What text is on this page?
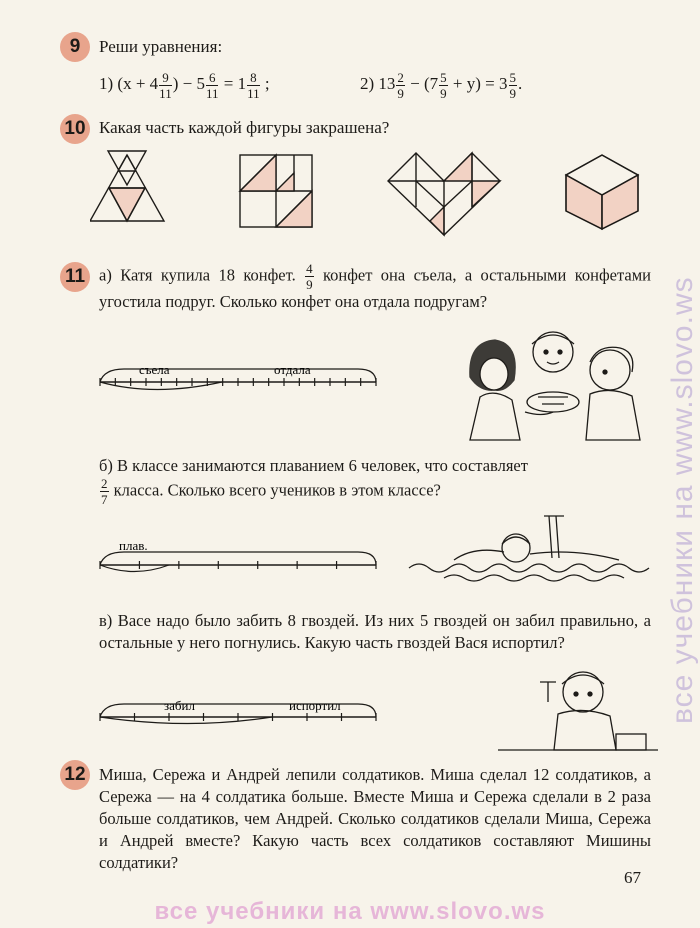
все учебники на www.slovo.ws
9	Реши уравнения:
1) ($x + 4 \frac{9}{11}$ ) − $5 \frac{6}{11} = 1 \frac{8}{11}$ ;	2) $13 \frac{2}{9} - (7 \frac{5}{9} + y) = 3 \frac{5}{9}$ .
10 Какая часть каждой фигуры закрашена?
11 а) Катя купила 18 конфет. $\frac{4}{9}$ конфет она съела, а остальными конфетами угостила подруг. Сколько конфет она отдала подругам?
съела	отдала
б) В классе занимаются плаванием 6 человек, что составляет

$\frac{2}{7}$ класса. Сколько всего учеников в этом классе?
плав.
в) Васе надо было забить 8 гвоздей. Из них 5 гвоздей он забил правильно, а остальные у него погнулись. Какую часть гвоздей Вася испортил?
забил	испортил
12 Миша, Сережа и Андрей лепили солдатиков. Миша сделал 12 солдатиков, а Сережа — на 4 солдатика больше. Вместе Миша и Сережа сделали в 2 раза больше солдатиков, чем Андрей. Сколько солдатиков сделали Миша, Сережа и Андрей вместе? Какую часть всех солдатиков составляют Мишины солдатики?
67
все учебники на www.slovo.ws
